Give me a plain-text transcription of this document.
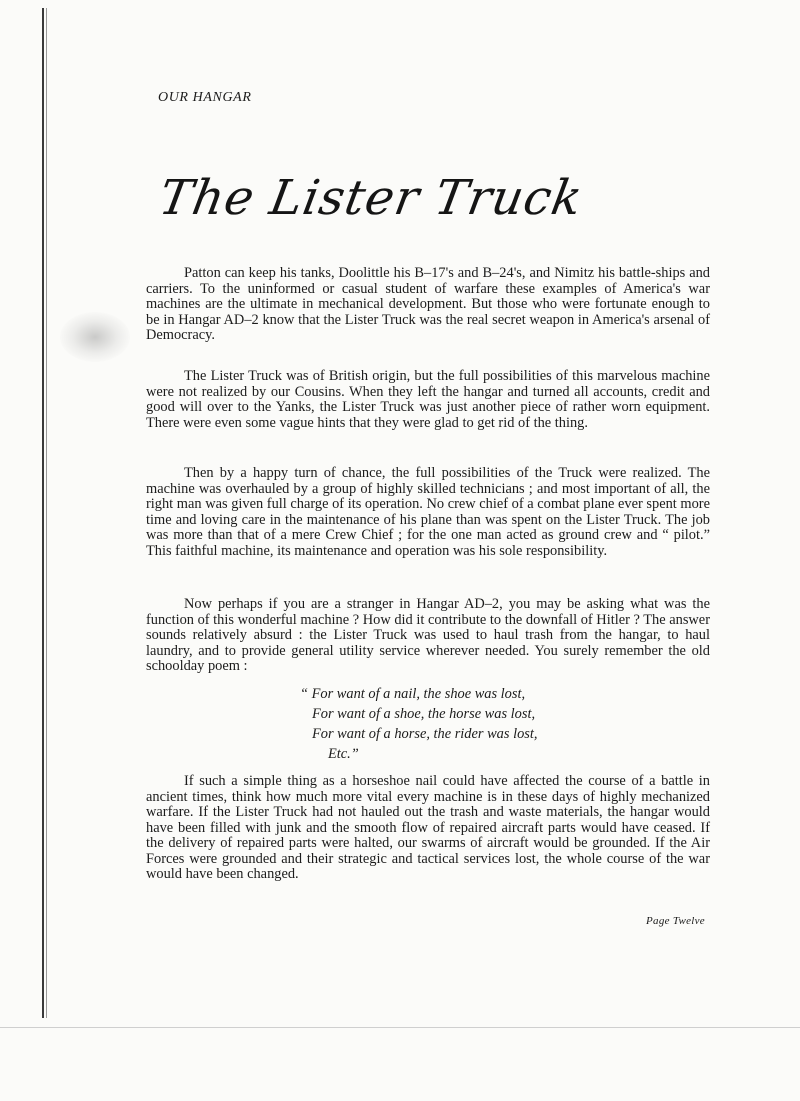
OUR HANGAR
The Lister Truck

Patton can keep his tanks, Doolittle his B–17's and B–24's, and Nimitz his battle-ships and carriers. To the uninformed or casual student of warfare these examples of America's war machines are the ultimate in mechanical development. But those who were fortunate enough to be in Hangar AD–2 know that the Lister Truck was the real secret weapon in America's arsenal of Democracy.

The Lister Truck was of British origin, but the full possibilities of this marvelous machine were not realized by our Cousins. When they left the hangar and turned all accounts, credit and good will over to the Yanks, the Lister Truck was just another piece of rather worn equipment. There were even some vague hints that they were glad to get rid of the thing.

Then by a happy turn of chance, the full possibilities of the Truck were realized. The machine was overhauled by a group of highly skilled technicians ; and most important of all, the right man was given full charge of its operation. No crew chief of a combat plane ever spent more time and loving care in the maintenance of his plane than was spent on the Lister Truck. The job was more than that of a mere Crew Chief ; for the one man acted as ground crew and “ pilot.” This faithful machine, its maintenance and operation was his sole responsibility.

Now perhaps if you are a stranger in Hangar AD–2, you may be asking what was the function of this wonderful machine ? How did it contribute to the downfall of Hitler ? The answer sounds relatively absurd : the Lister Truck was used to haul trash from the hangar, to haul laundry, and to provide general utility service wherever needed. You surely remember the old schoolday poem :

“ For want of a nail, the shoe was lost,
For want of a shoe, the horse was lost,
For want of a horse, the rider was lost,
Etc.”

If such a simple thing as a horseshoe nail could have affected the course of a battle in ancient times, think how much more vital every machine is in these days of highly mechanized warfare. If the Lister Truck had not hauled out the trash and waste materials, the hangar would have been filled with junk and the smooth flow of repaired aircraft parts would have ceased. If the delivery of repaired parts were halted, our swarms of aircraft would be grounded. If the Air Forces were grounded and their strategic and tactical services lost, the whole course of the war would have been changed.

Page Twelve
